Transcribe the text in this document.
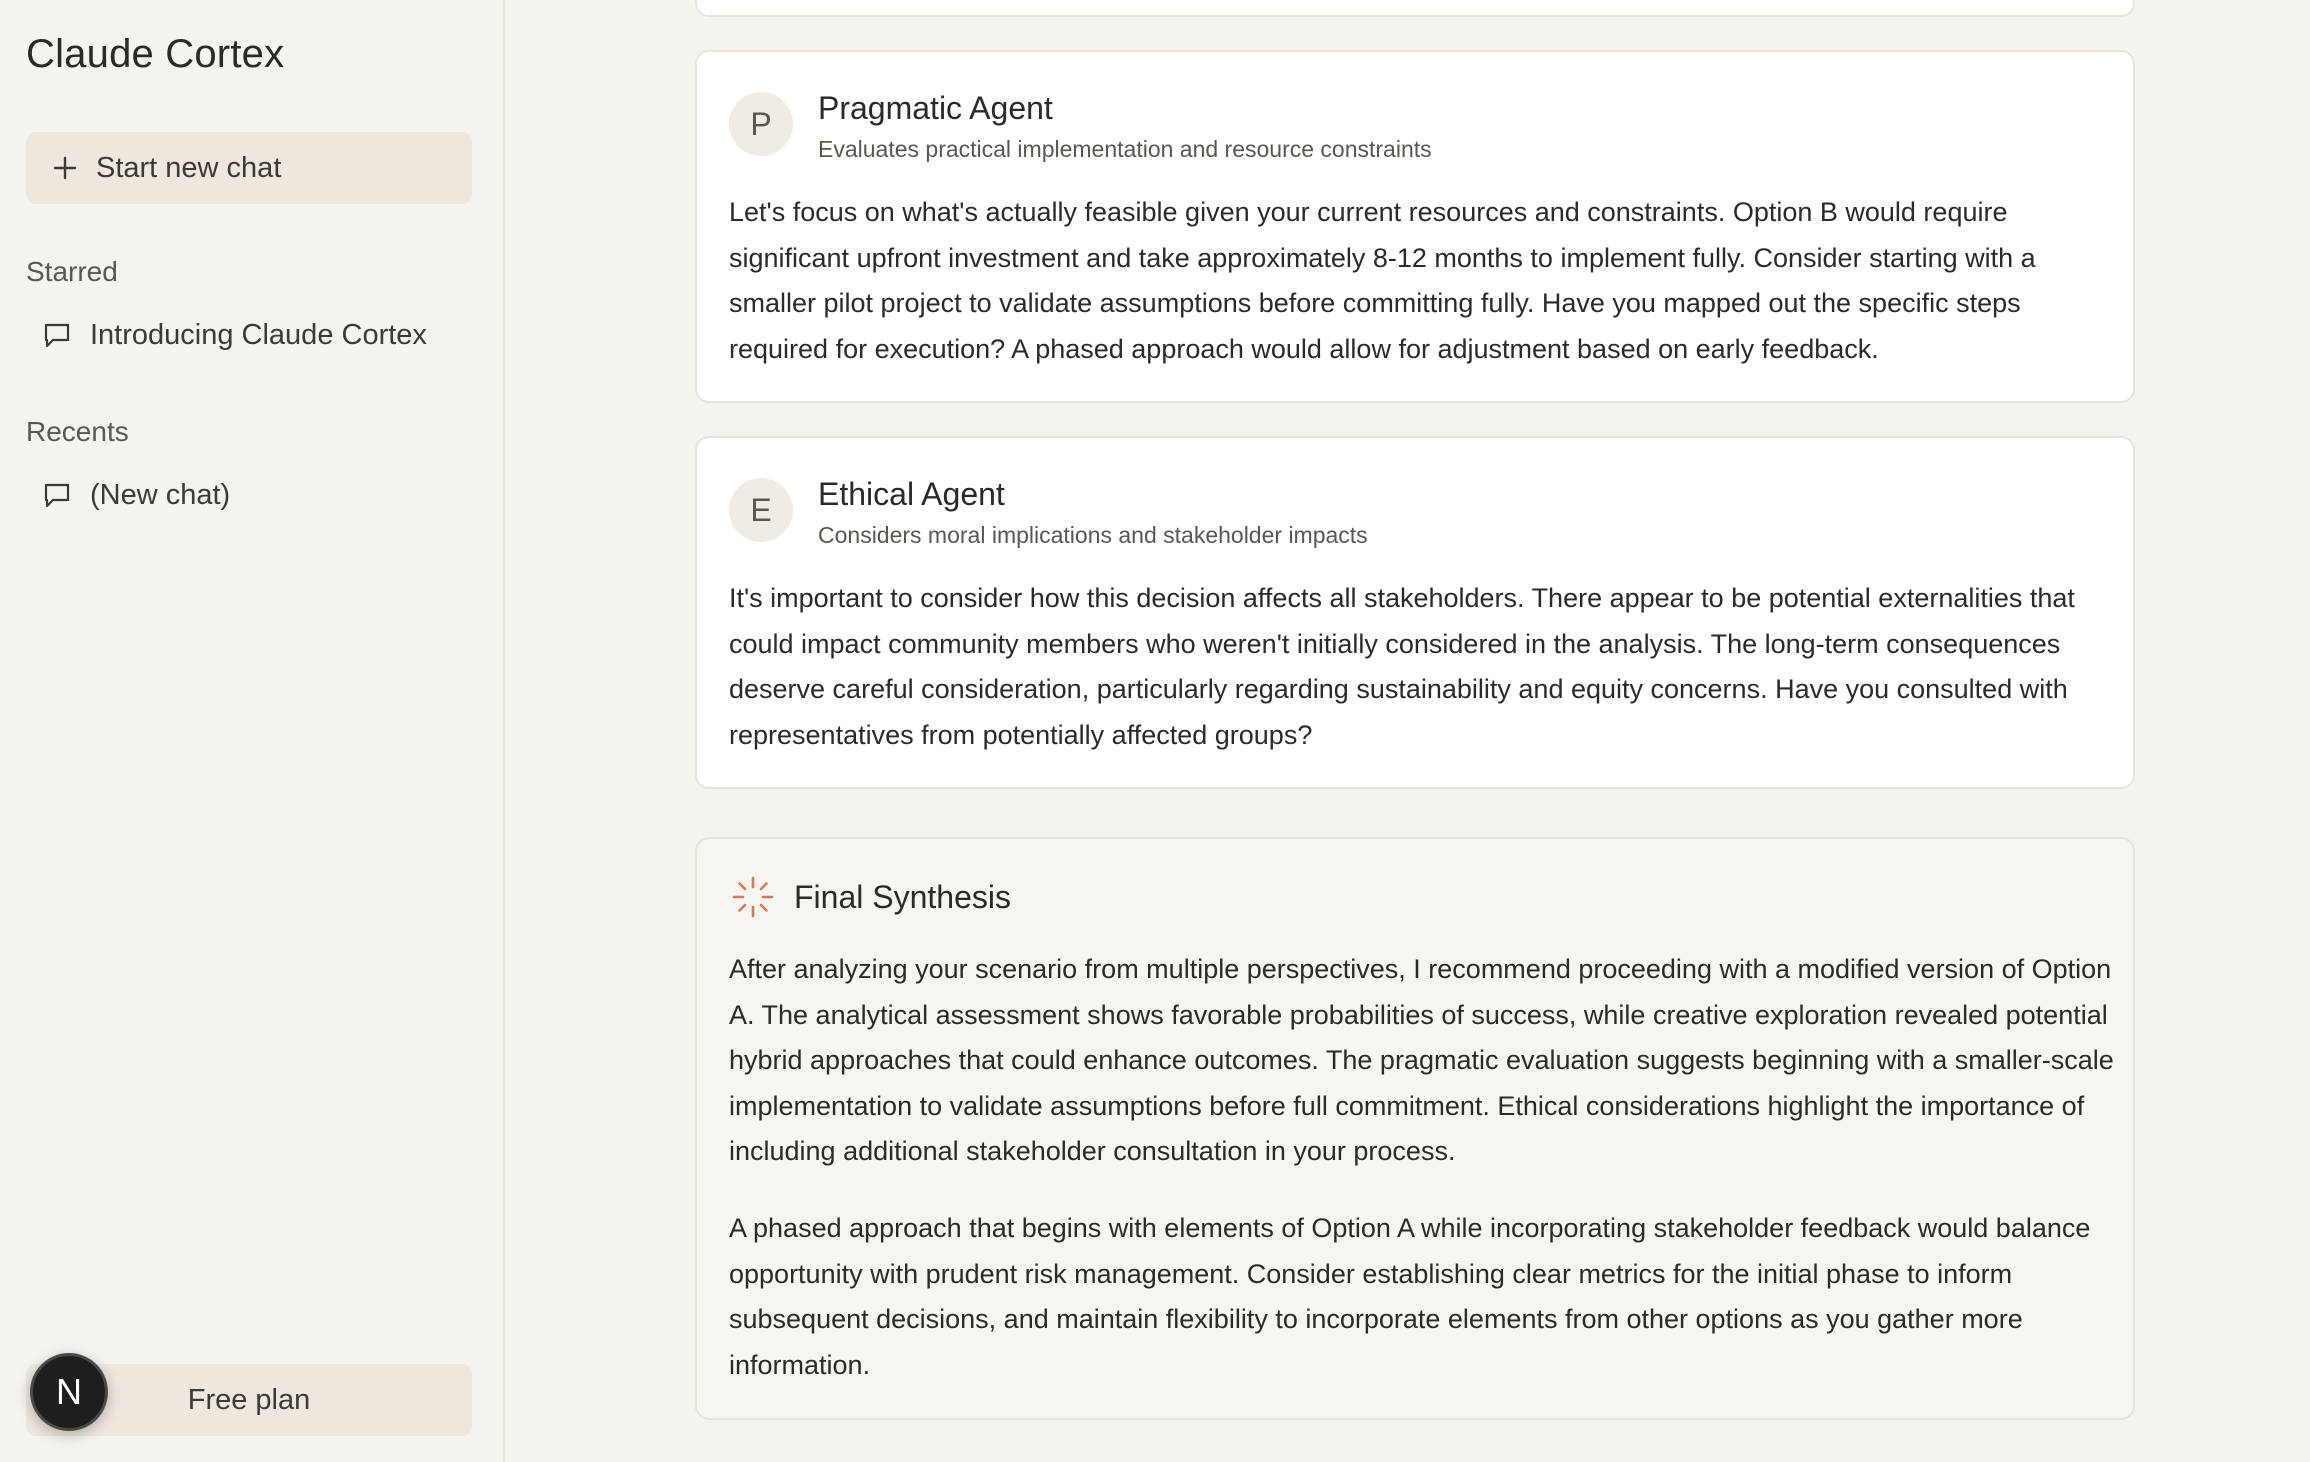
Claude Cortex
Start new chat
Starred
Introducing Claude Cortex
Recents
(New chat)
Free plan
N
P	Pragmatic Agent
Evaluates practical implementation and resource constraints

Let's focus on what's actually feasible given your current resources and constraints. Option B would require significant upfront investment and take approximately 8-12 months to implement fully. Consider starting with a smaller pilot project to validate assumptions before committing fully. Have you mapped out the specific steps required for execution? A phased approach would allow for adjustment based on early feedback.

E	Ethical Agent
Considers moral implications and stakeholder impacts

It's important to consider how this decision affects all stakeholders. There appear to be potential externalities that could impact community members who weren't initially considered in the analysis. The long-term consequences deserve careful consideration, particularly regarding sustainability and equity concerns. Have you consulted with representatives from potentially affected groups?

Final Synthesis

After analyzing your scenario from multiple perspectives, I recommend proceeding with a modified version of Option A. The analytical assessment shows favorable probabilities of success, while creative exploration revealed potential hybrid approaches that could enhance outcomes. The pragmatic evaluation suggests beginning with a smaller-scale implementation to validate assumptions before full commitment. Ethical considerations highlight the importance of including additional stakeholder consultation in your process.

A phased approach that begins with elements of Option A while incorporating stakeholder feedback would balance opportunity with prudent risk management. Consider establishing clear metrics for the initial phase to inform subsequent decisions, and maintain flexibility to incorporate elements from other options as you gather more information.
